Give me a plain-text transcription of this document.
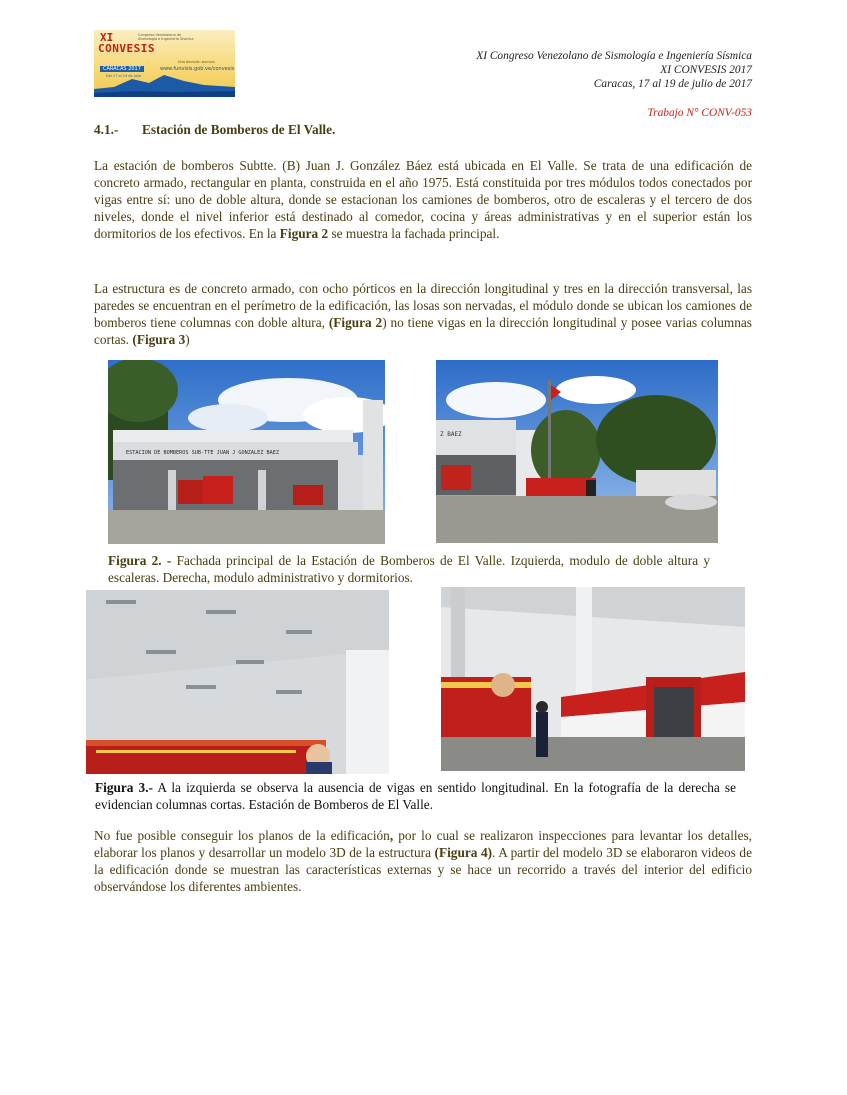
XI
CONVESIS
Congreso Venezolano de Sismología e Ingeniería Sísmica
CARACAS 2017
Del 17 al 19 de julio
Una decisión sísmica
www.funvisis.gob.ve/convesis
XI Congreso Venezolano de Sismología e Ingeniería Sísmica
XI CONVESIS 2017
Caracas, 17 al 19 de julio de 2017
Trabajo N° CONV-053
4.1.- Estación de Bomberos de El Valle.

La estación de bomberos Subtte. (B) Juan J. González Báez está ubicada en El Valle. Se trata de una edificación de concreto armado, rectangular en planta, construida en el año 1975. Está constituida por tres módulos todos conectados por vigas entre sí: uno de doble altura, donde se estacionan los camiones de bomberos, otro de escaleras y el tercero de dos niveles, donde el nivel inferior está destinado al comedor, cocina y áreas administrativas y en el superior están los dormitorios de los efectivos. En la Figura 2 se muestra la fachada principal.

La estructura es de concreto armado, con ocho pórticos en la dirección longitudinal y tres en la dirección transversal, las paredes se encuentran en el perímetro de la edificación, las losas son nervadas, el módulo donde se ubican los camiones de bomberos tiene columnas con doble altura, (Figura 2) no tiene vigas en la dirección longitudinal y posee varias columnas cortas. (Figura 3)

ESTACION DE BOMBEROS SUB-TTE JUAN J GONZALEZ BAEZ
Z BAEZ

Figura 2. - Fachada principal de la Estación de Bomberos de El Valle. Izquierda, modulo de doble altura y escaleras. Derecha, modulo administrativo y dormitorios.

Figura 3.- A la izquierda se observa la ausencia de vigas en sentido longitudinal. En la fotografía de la derecha se evidencian columnas cortas. Estación de Bomberos de El Valle.

No fue posible conseguir los planos de la edificación, por lo cual se realizaron inspecciones para levantar los detalles, elaborar los planos y desarrollar un modelo 3D de la estructura (Figura 4). A partir del modelo 3D se elaboraron videos de la edificación donde se muestran las características externas y se hace un recorrido a través del interior del edificio observándose los diferentes ambientes.
